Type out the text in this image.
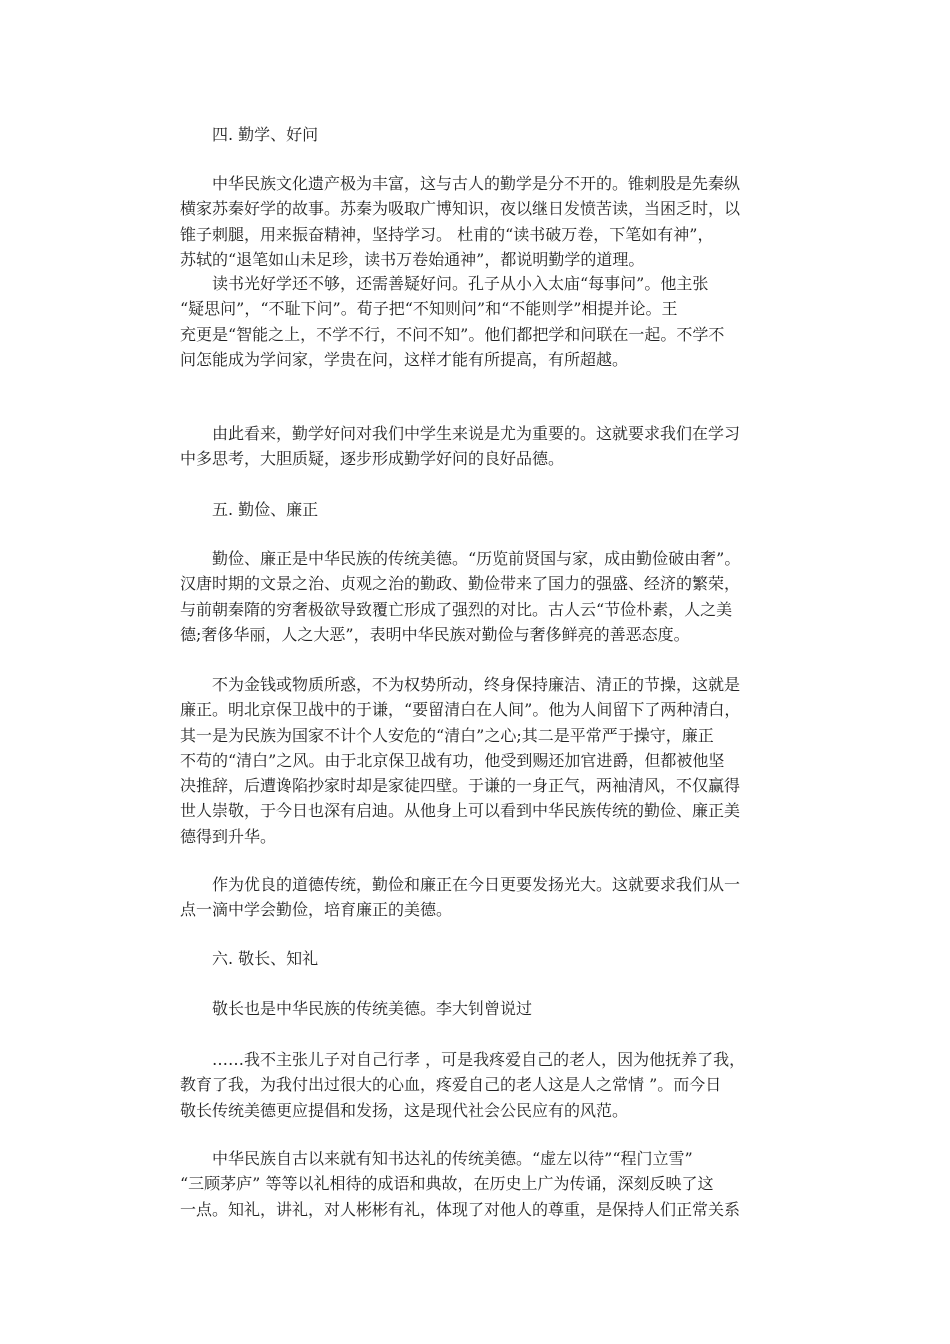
四. 勤学、好问
中华民族文化遗产极为丰富，这与古人的勤学是分不开的。锥刺股是先秦纵
横家苏秦好学的故事。苏秦为吸取广博知识，夜以继日发愤苦读，当困乏时，以
锥子刺腿，用来振奋精神，坚持学习。 杜甫的“读书破万卷，下笔如有神”，
苏轼的“退笔如山未足珍，读书万卷始通神”，都说明勤学的道理。
读书光好学还不够，还需善疑好问。孔子从小入太庙“每事问”。他主张
“疑思问”，“不耻下问”。荀子把“不知则问”和“不能则学”相提并论。王
充更是“智能之上，不学不行，不问不知”。他们都把学和问联在一起。不学不
问怎能成为学问家，学贵在问，这样才能有所提高，有所超越。
由此看来，勤学好问对我们中学生来说是尤为重要的。这就要求我们在学习
中多思考，大胆质疑，逐步形成勤学好问的良好品德。
五. 勤俭、廉正
勤俭、廉正是中华民族的传统美德。“历览前贤国与家，成由勤俭破由奢”。
汉唐时期的文景之治、贞观之治的勤政、勤俭带来了国力的强盛、经济的繁荣，
与前朝秦隋的穷奢极欲导致覆亡形成了强烈的对比。古人云“节俭朴素，人之美
德;奢侈华丽，人之大恶”，表明中华民族对勤俭与奢侈鲜亮的善恶态度。
不为金钱或物质所惑，不为权势所动，终身保持廉洁、清正的节操，这就是
廉正。明北京保卫战中的于谦，“要留清白在人间”。他为人间留下了两种清白，
其一是为民族为国家不计个人安危的“清白”之心;其二是平常严于操守，廉正
不苟的“清白”之风。由于北京保卫战有功，他受到赐还加官进爵，但都被他坚
决推辞，后遭谗陷抄家时却是家徒四壁。于谦的一身正气，两袖清风，不仅赢得
世人崇敬，于今日也深有启迪。从他身上可以看到中华民族传统的勤俭、廉正美
德得到升华。
作为优良的道德传统，勤俭和廉正在今日更要发扬光大。这就要求我们从一
点一滴中学会勤俭，培育廉正的美德。
六. 敬长、知礼
敬长也是中华民族的传统美德。李大钊曾说过
……我不主张儿子对自己行孝 ，可是我疼爱自己的老人，因为他抚养了我，
教育了我，为我付出过很大的心血，疼爱自己的老人这是人之常情 ”。而今日
敬长传统美德更应提倡和发扬，这是现代社会公民应有的风范。
中华民族自古以来就有知书达礼的传统美德。“虚左以待”“程门立雪”
“三顾茅庐” 等等以礼相待的成语和典故，在历史上广为传诵，深刻反映了这
一点。知礼，讲礼，对人彬彬有礼，体现了对他人的尊重，是保持人们正常关系
